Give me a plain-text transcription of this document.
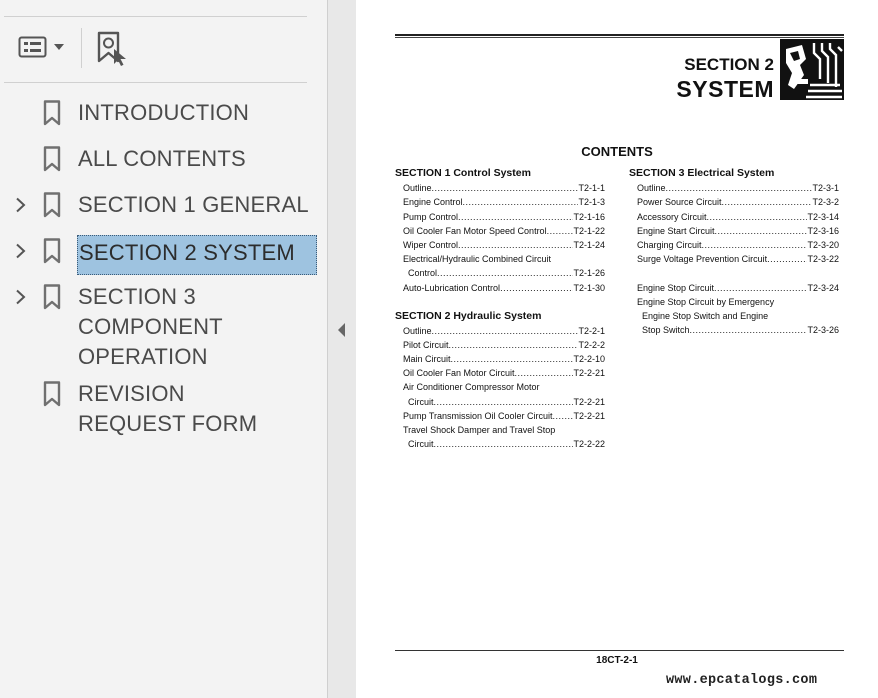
INTRODUCTION
ALL CONTENTS
SECTION 1 GENERAL
SECTION 2 SYSTEM
SECTION 3 COMPONENT OPERATION
REVISION REQUEST FORM
SECTION 2
SYSTEM
CONTENTS
SECTION 1 Control System
Outline .....	T2-1-1
Engine Control .....	T2-1-3
Pump Control .....	T2-1-16
Oil Cooler Fan Motor Speed Control .....	T2-1-22
Wiper Control .....	T2-1-24
Electrical/Hydraulic Combined Circuit
Control .....	T2-1-26
Auto-Lubrication Control .....	T2-1-30
SECTION 2 Hydraulic System
Outline .....	T2-2-1
Pilot Circuit .....	T2-2-2
Main Circuit .....	T2-2-10
Oil Cooler Fan Motor Circuit .....	T2-2-21
Air Conditioner Compressor Motor
Circuit .....	T2-2-21
Pump Transmission Oil Cooler Circuit ..... T2-2-21
Travel Shock Damper and Travel Stop
Circuit .....	T2-2-22
SECTION 3 Electrical System
Outline .....	T2-3-1
Power Source Circuit .....	T2-3-2
Accessory Circuit .....	T2-3-14
Engine Start Circuit .....	T2-3-16
Charging Circuit .....	T2-3-20
Surge Voltage Prevention Circuit .....	T2-3-22
Engine Stop Circuit .....	T2-3-24
Engine Stop Circuit by Emergency
Engine Stop Switch and Engine
Stop Switch .....	T2-3-26
18CT-2-1
www.epcatalogs.com
